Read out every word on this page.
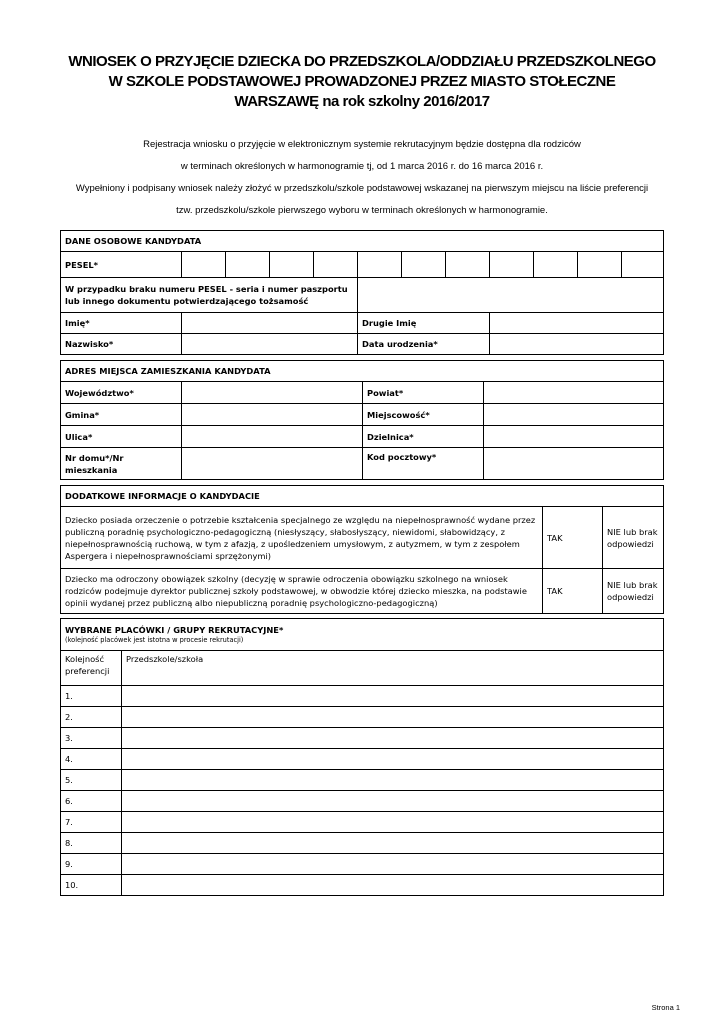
WNIOSEK O PRZYJĘCIE DZIECKA DO PRZEDSZKOLA/ODDZIAŁU PRZEDSZKOLNEGO
W SZKOLE PODSTAWOWEJ PROWADZONEJ PRZEZ MIASTO STOŁECZNE
WARSZAWĘ na rok szkolny 2016/2017
Rejestracja wniosku o przyjęcie w elektronicznym systemie rekrutacyjnym będzie dostępna dla rodziców
w terminach określonych w harmonogramie tj, od 1 marca 2016 r. do 16 marca 2016 r.
Wypełniony i podpisany wniosek należy złożyć w przedszkolu/szkole podstawowej wskazanej na pierwszym miejscu na liście preferencji
tzw. przedszkolu/szkole pierwszego wyboru w terminach określonych w harmonogramie.
DANE OSOBOWE KANDYDATA											
PESEL*											
W przypadku braku numeru PESEL - seria i numer paszportu lub innego dokumentu potwierdzającego tożsamość											
Imię*					Drugie Imię						
Nazwisko*					Data urodzenia*						
ADRES MIEJSCA ZAMIESZKANIA KANDYDATA			
Województwo*		Powiat*	
Gmina*		Miejscowość*	
Ulica*		Dzielnica*	
Nr domu*/Nr mieszkania		Kod pocztowy*	
DODATKOWE INFORMACJE O KANDYDACIE		
Dziecko posiada orzeczenie o potrzebie kształcenia specjalnego ze względu na niepełnosprawność wydane przez publiczną poradnię psychologiczno-pedagogiczną (niesłyszący, słabosłyszący, niewidomi, słabowidzący, z niepełnosprawnością ruchową, w tym z afazją, z upośledzeniem umysłowym, z autyzmem, w tym z zespołem Aspergera i niepełnosprawnościami sprzężonymi)	TAK	NIE lub brak odpowiedzi
Dziecko ma odroczony obowiązek szkolny (decyzję w sprawie odroczenia obowiązku szkolnego na wniosek rodziców podejmuje dyrektor publicznej szkoły podstawowej, w obwodzie której dziecko mieszka, na podstawie opinii wydanej przez publiczną albo niepubliczną poradnię psychologiczno-pedagogiczną)	TAK	NIE lub brak odpowiedzi
WYBRANE PLACÓWKI / GRUPY REKRUTACYJNE*
(kolejność placówek jest istotna w procesie rekrutacji)	

Kolejność preferencji	Przedszkole/szkoła
1.	
2.	
3.	
4.	
5.	
6.	
7.	
8.	
9.	
10.	
Strona 1
